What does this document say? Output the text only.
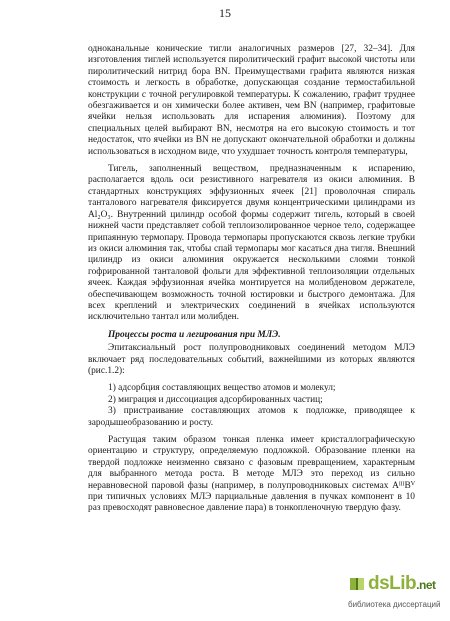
15

одноканальные конические тигли аналогичных размеров [27, 32–34]. Для изготовления тиглей используется пиролитический графит высокой чистоты или пиролитический нитрид бора BN. Преимуществами графита являются низкая стоимость и легкость в обработке, допускающая создание термостабильной конструкции с точной регулировкой температуры. К сожалению, графит труднее обезгаживается и он химически более активен, чем BN (например, графитовые ячейки нельзя использовать для испарения алюминия). Поэтому для специальных целей выбирают BN, несмотря на его высокую стоимость и тот недостаток, что ячейки из BN не допускают окончательной обработки и должны использоваться в исходном виде, что ухудшает точность контроля температуры,

Тигель, заполненный веществом, предназначенным к испарению, располагается вдоль оси резистивного нагревателя из окиси алюминия. В стандартных конструкциях эффузионных ячеек [21] проволочная спираль танталового нагревателя фиксируется двумя концентрическими цилиндрами из Al₂O₃. Внутренний цилиндр особой формы содержит тигель, который в своей нижней части представляет собой теплоизолированное черное тело, содержащее припаянную термопару. Провода термопары пропускаются сквозь легкие трубки из окиси алюминия так, чтобы спай термопары мог касаться дна тигля. Внешний цилиндр из окиси алюминия окружается несколькими слоями тонкой гофрированной танталовой фольги для эффективной теплоизоляции отдельных ячеек. Каждая эффузионная ячейка монтируется на молибденовом держателе, обеспечивающем возможность точной юстировки и быстрого демонтажа. Для всех креплений и электрических соединений в ячейках используются исключительно тантал или молибден.

Процессы роста и легирования при МЛЭ.

Эпитаксиальный рост полупроводниковых соединений методом МЛЭ включает ряд последовательных событий, важнейшими из которых являются (рис.1.2):

1) адсорбция составляющих вещество атомов и молекул;
2) миграция и диссоциация адсорбированных частиц;
3) пристраивание составляющих атомов к подложке, приводящее к зародышеобразованию и росту.

Растущая таким образом тонкая пленка имеет кристаллографическую ориентацию и структуру, определяемую подложкой. Образование пленки на твердой подложке неизменно связано с фазовым превращением, характерным для выбранного метода роста. В методе МЛЭ это переход из сильно неравновесной паровой фазы (например, в полупроводниковых системах AᴵᴵᴵBⱽ при типичных условиях МЛЭ парциальные давления в пучках компонент в 10 раз превосходят равновесное давление пара) в тонкопленочную твердую фазу.

dsLib.net
библиотека диссертаций
